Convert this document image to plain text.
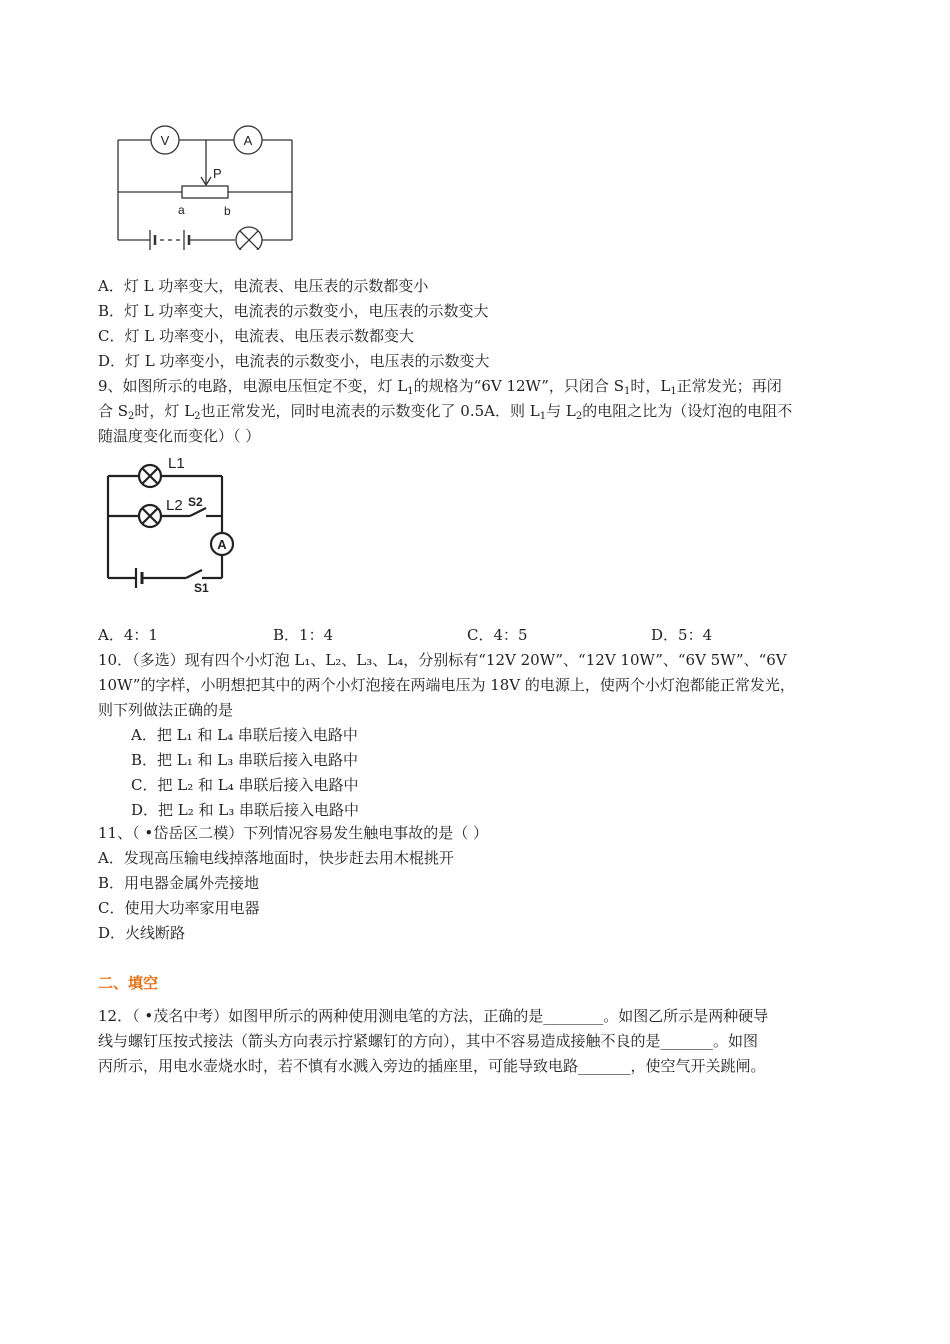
V	A
P
a	b
A．灯 L 功率变大，电流表、电压表的示数都变小
B．灯 L 功率变大，电流表的示数变小，电压表的示数变大
C．灯 L 功率变小，电流表、电压表示数都变大
D．灯 L 功率变小，电流表的示数变小，电压表的示数变大
9、如图所示的电路，电源电压恒定不变，灯 $L_1$的规格为“6V 12W”，只闭合 $S_1$时，$L_1$正常发光；再闭
合 $S_2$时，灯 $L_2$也正常发光，同时电流表的示数变化了 0.5A．则 $L_1$与 $L_2$的电阻之比为（设灯泡的电阻不
随温度变化而变化）（ ）
L1
L2 S2
A
S1
A．4：1	B．1：4	C．4：5	D．5：4
10．（多选）现有四个小灯泡 L₁、L₂、L₃、L₄，分别标有“12V 20W”、“12V 10W”、“6V 5W”、“6V
10W”的字样，小明想把其中的两个小灯泡接在两端电压为 18V 的电源上，使两个小灯泡都能正常发光，
则下列做法正确的是
A．把 L₁ 和 L₄ 串联后接入电路中
B．把 L₁ 和 L₃ 串联后接入电路中
C．把 L₂ 和 L₄ 串联后接入电路中
D．把 L₂ 和 L₃ 串联后接入电路中
11、（ •岱岳区二模）下列情况容易发生触电事故的是（ ）
A．发现高压输电线掉落地面时，快步赶去用木棍挑开
B．用电器金属外壳接地
C．使用大功率家用电器
D．火线断路
二、填空
12．（ •茂名中考）如图甲所示的两种使用测电笔的方法，正确的是________。如图乙所示是两种硬导
线与螺钉压按式接法（箭头方向表示拧紧螺钉的方向），其中不容易造成接触不良的是_______。如图
丙所示，用电水壶烧水时，若不慎有水溅入旁边的插座里，可能导致电路_______，使空气开关跳闸。
